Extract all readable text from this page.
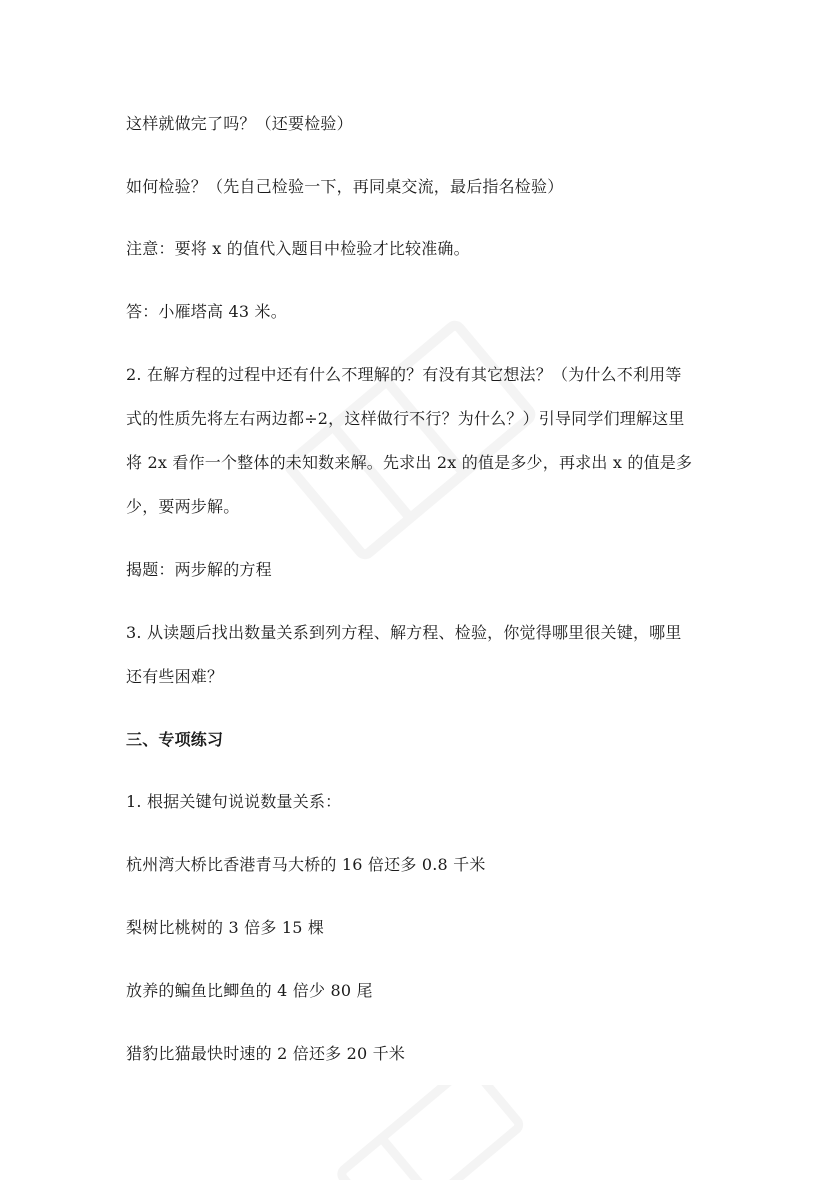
这样就做完了吗？（还要检验）
如何检验？（先自己检验一下，再同桌交流，最后指名检验）
注意：要将 x 的值代入题目中检验才比较准确。
答：小雁塔高 43 米。
2. 在解方程的过程中还有什么不理解的？有没有其它想法？（为什么不利用等
式的性质先将左右两边都÷2，这样做行不行？为什么？）引导同学们理解这里
将 2x 看作一个整体的未知数来解。先求出 2x 的值是多少，再求出 x 的值是多
少，要两步解。
揭题：两步解的方程
3. 从读题后找出数量关系到列方程、解方程、检验，你觉得哪里很关键，哪里
还有些困难？
三、专项练习
1. 根据关键句说说数量关系：
杭州湾大桥比香港青马大桥的 16 倍还多 0.8 千米
梨树比桃树的 3 倍多 15 棵
放养的鳊鱼比鲫鱼的 4 倍少 80 尾
猎豹比猫最快时速的 2 倍还多 20 千米
